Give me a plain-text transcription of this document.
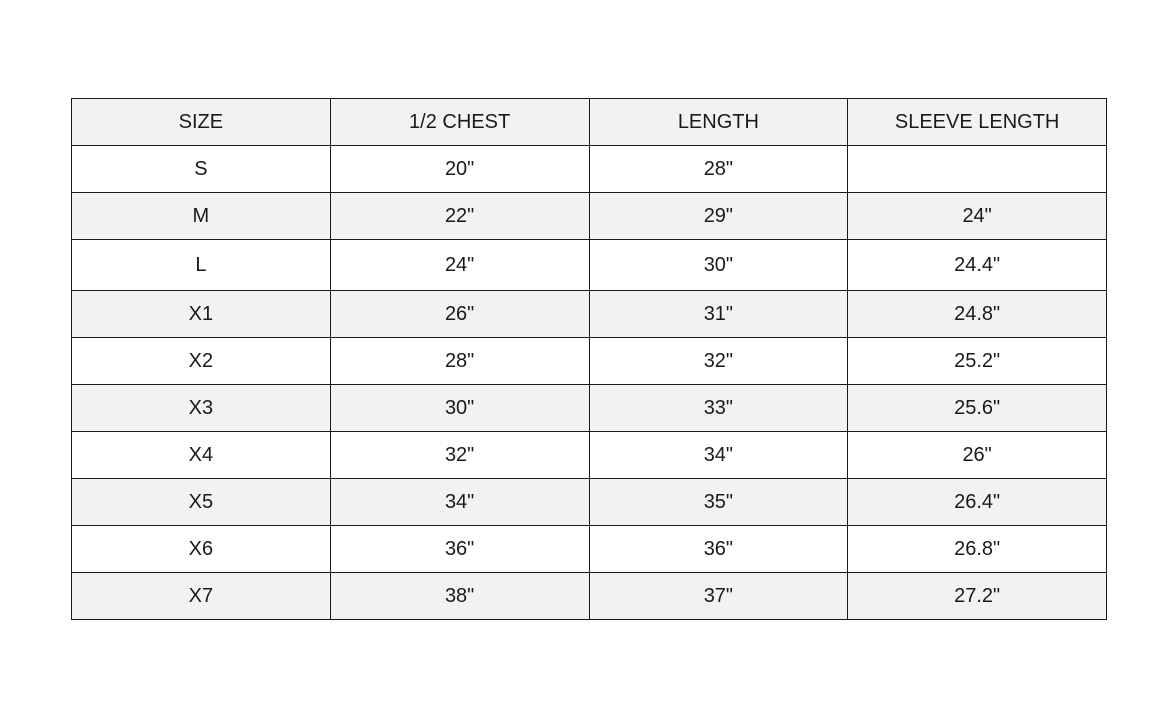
SIZE	1/2 CHEST	LENGTH	SLEEVE LENGTH
S	20"	28"	
M	22"	29"	24"
L	24"	30"	24.4"
X1	26"	31"	24.8"
X2	28"	32"	25.2"
X3	30"	33"	25.6"
X4	32"	34"	26"
X5	34"	35"	26.4"
X6	36"	36"	26.8"
X7	38"	37"	27.2"
